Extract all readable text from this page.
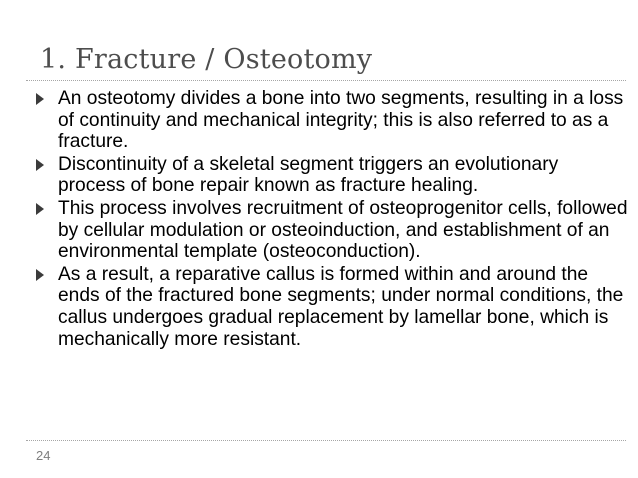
1. Fracture / Osteotomy
An osteotomy divides a bone into two segments, resulting in a loss of continuity and mechanical integrity; this is also referred to as a fracture.
Discontinuity of a skeletal segment triggers an evolutionary process of bone repair known as fracture healing.
This process involves recruitment of osteoprogenitor cells, followed by cellular modulation or osteoinduction, and establishment of an environmental template (osteoconduction).
As a result, a reparative callus is formed within and around the ends of the fractured bone segments; under normal conditions, the callus undergoes gradual replacement by lamellar bone, which is mechanically more resistant.
24
